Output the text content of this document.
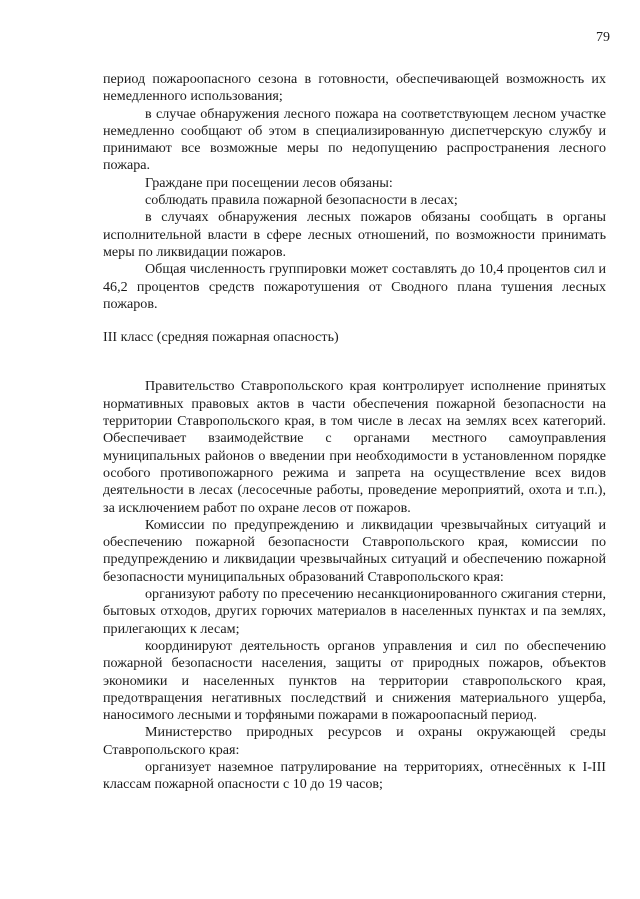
79

период пожароопасного сезона в готовности, обеспечивающей возможность их немедленного использования;

в случае обнаружения лесного пожара на соответствующем лесном участке немедленно сообщают об этом в специализированную диспетчерскую службу и принимают все возможные меры по недопущению распространения лесного пожара.

Граждане при посещении лесов обязаны:

соблюдать правила пожарной безопасности в лесах;

в случаях обнаружения лесных пожаров обязаны сообщать в органы исполнительной власти в сфере лесных отношений, по возможности принимать меры по ликвидации пожаров.

Общая численность группировки может составлять до 10,4 процентов сил и 46,2 процентов средств пожаротушения от Сводного плана тушения лесных пожаров.

III класс (средняя пожарная опасность)

Правительство Ставропольского края контролирует исполнение принятых нормативных правовых актов в части обеспечения пожарной безопасности на территории Ставропольского края, в том числе в лесах на землях всех категорий. Обеспечивает взаимодействие с органами местного самоуправления муниципальных районов о введении при необходимости в установленном порядке особого противопожарного режима и запрета на осуществление всех видов деятельности в лесах (лесосечные работы, проведение мероприятий, охота и т.п.), за исключением работ по охране лесов от пожаров.

Комиссии по предупреждению и ликвидации чрезвычайных ситуаций и обеспечению пожарной безопасности Ставропольского края, комиссии по предупреждению и ликвидации чрезвычайных ситуаций и обеспечению пожарной безопасности муниципальных образований Ставропольского края:

организуют работу по пресечению несанкционированного сжигания стерни, бытовых отходов, других горючих материалов в населенных пунктах и па землях, прилегающих к лесам;

координируют деятельность органов управления и сил по обеспечению пожарной безопасности населения, защиты от природных пожаров, объектов экономики и населенных пунктов на территории ставропольского края, предотвращения негативных последствий и снижения материального ущерба, наносимого лесными и торфяными пожарами в пожароопасный период.

Министерство природных ресурсов и охраны окружающей среды Ставропольского края:

организует наземное патрулирование на территориях, отнесённых к I-III классам пожарной опасности с 10 до 19 часов;
